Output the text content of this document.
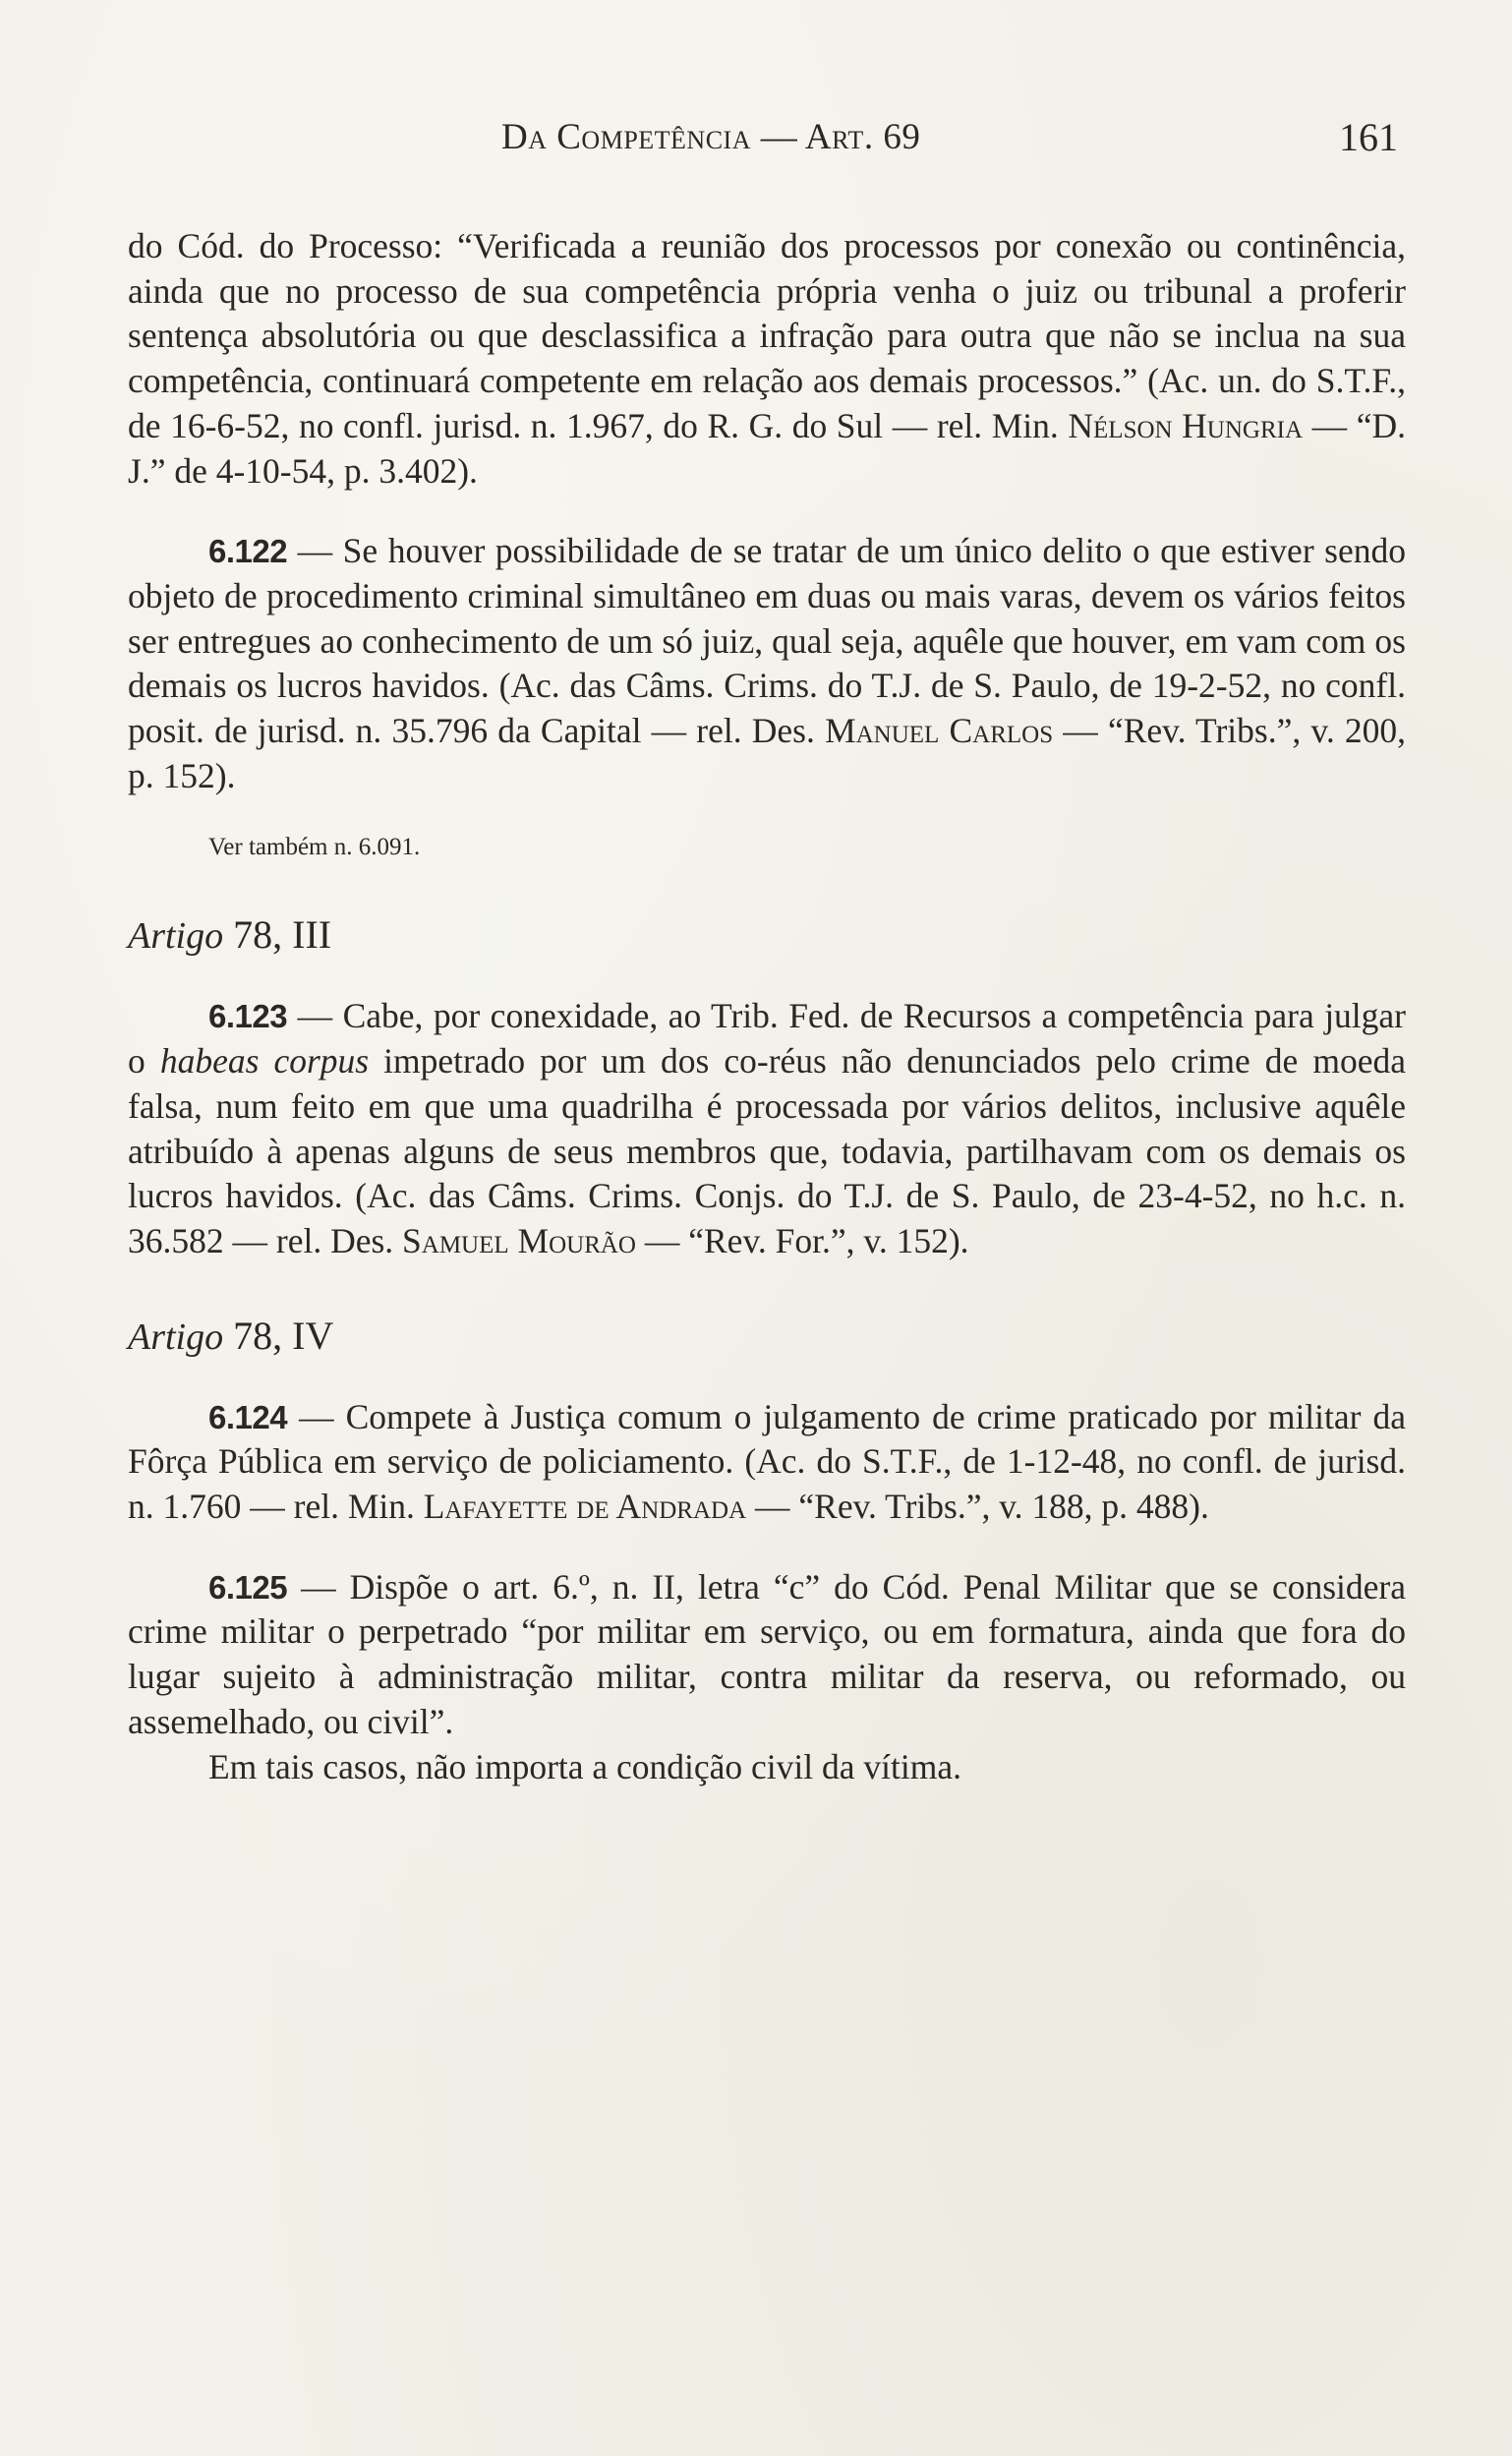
Da Competência — Art. 69	161

do Cód. do Processo: “Verificada a reunião dos processos por conexão ou continência, ainda que no processo de sua competência própria venha o juiz ou tribunal a proferir sentença absolutória ou que desclassifica a infração para outra que não se inclua na sua competência, continuará competente em relação aos demais processos.” (Ac. un. do S.T.F., de 16-6-52, no confl. jurisd. n. 1.967, do R. G. do Sul — rel. Min. Nélson Hungria — “D. J.” de 4-10-54, p. 3.402).

6.122 — Se houver possibilidade de se tratar de um único delito o que estiver sendo objeto de procedimento criminal simultâneo em duas ou mais varas, devem os vários feitos ser entregues ao conhecimento de um só juiz, qual seja, aquêle que houver, em vam com os demais os lucros havidos. (Ac. das Câms. Crims. do T.J. de S. Paulo, de 19-2-52, no confl. posit. de jurisd. n. 35.796 da Capital — rel. Des. Manuel Carlos — “Rev. Tribs.”, v. 200, p. 152).

Ver também n. 6.091.

Artigo 78, III

6.123 — Cabe, por conexidade, ao Trib. Fed. de Recursos a competência para julgar o habeas corpus impetrado por um dos co-réus não denunciados pelo crime de moeda falsa, num feito em que uma quadrilha é processada por vários delitos, inclusive aquêle atribuído à apenas alguns de seus membros que, todavia, partilhavam com os demais os lucros havidos. (Ac. das Câms. Crims. Conjs. do T.J. de S. Paulo, de 23-4-52, no h.c. n. 36.582 — rel. Des. Samuel Mourão — “Rev. For.”, v. 152).

Artigo 78, IV

6.124 — Compete à Justiça comum o julgamento de crime praticado por militar da Fôrça Pública em serviço de policiamento. (Ac. do S.T.F., de 1-12-48, no confl. de jurisd. n. 1.760 — rel. Min. Lafayette de Andrada — “Rev. Tribs.”, v. 188, p. 488).

6.125 — Dispõe o art. 6.º, n. II, letra “c” do Cód. Penal Militar que se considera crime militar o perpetrado “por militar em serviço, ou em formatura, ainda que fora do lugar sujeito à administração militar, contra militar da reserva, ou reformado, ou assemelhado, ou civil”.

Em tais casos, não importa a condição civil da vítima.
